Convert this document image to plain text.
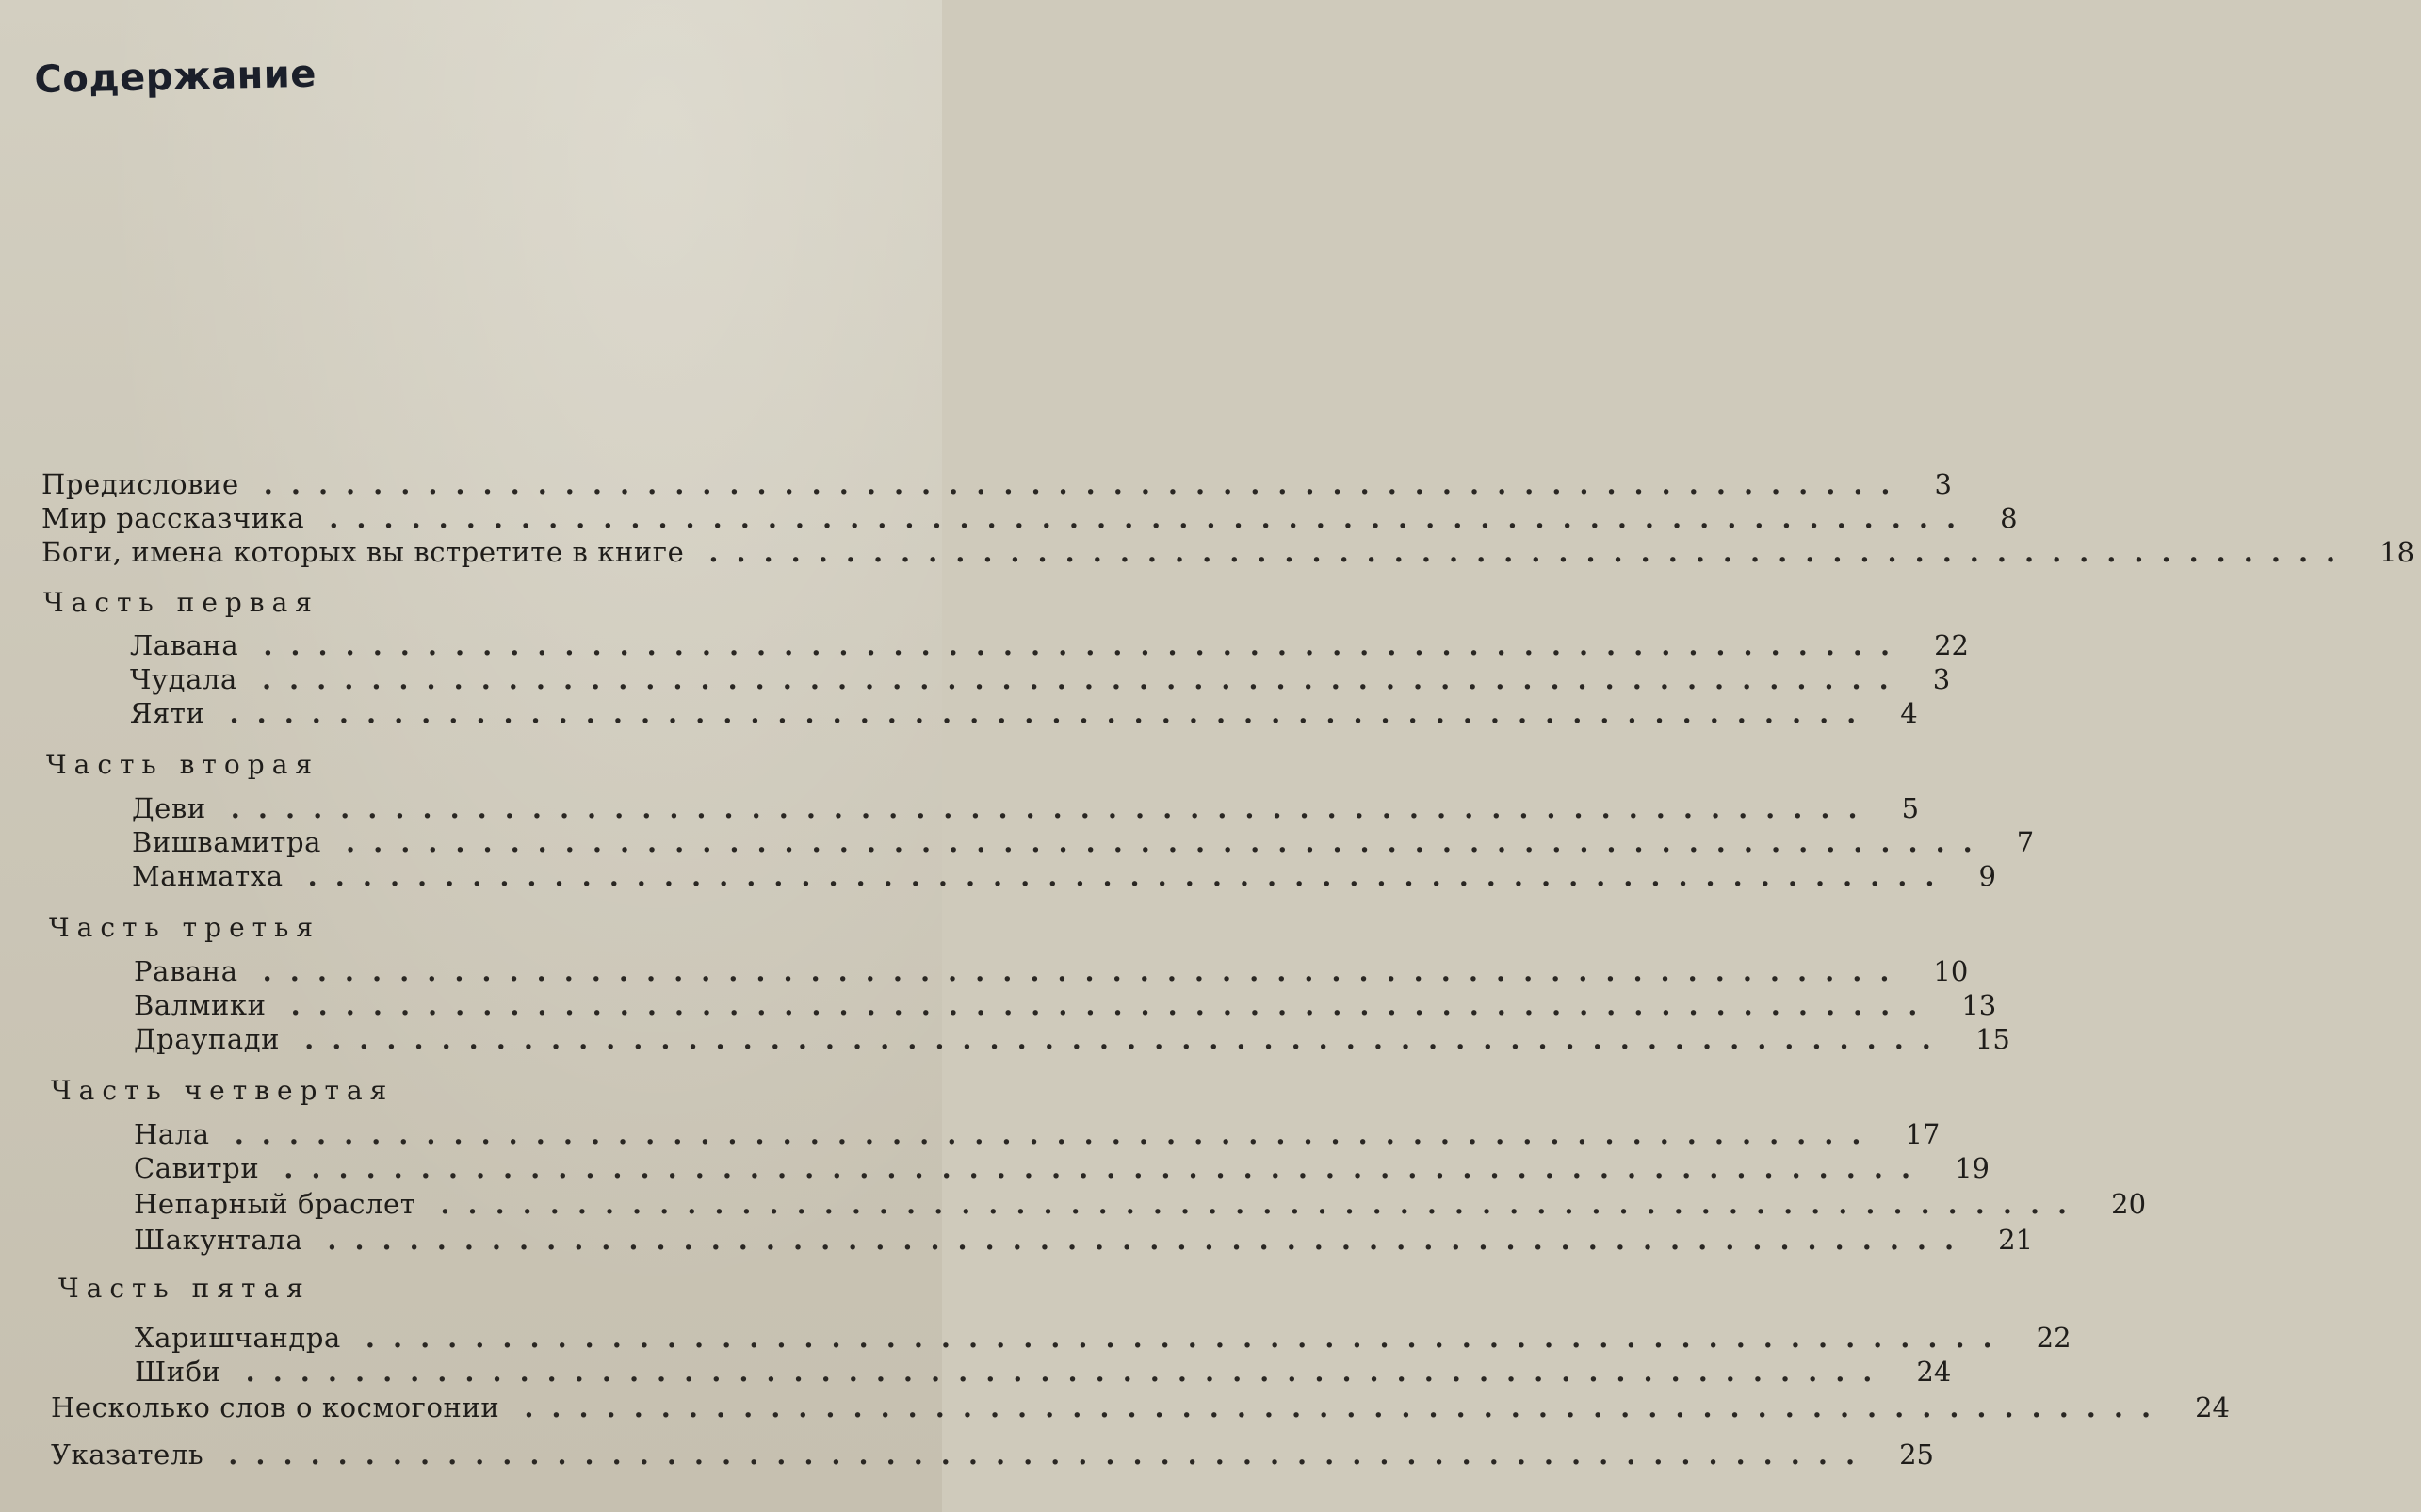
Содержание
Предисловие ............................................................ 3
Мир рассказчика ............................................................ 8
Боги, имена которых вы встретите в книге ............................................................ 18
Часть первая
Лавана ............................................................ 22
Чудала ............................................................ 3
Яяти ............................................................ 4
Часть вторая
Деви ............................................................ 5
Вишвамитра ............................................................ 7
Манматха ............................................................ 9
Часть третья
Равана ............................................................ 10
Валмики ............................................................ 13
Драупади ............................................................ 15
Часть четвертая
Нала ............................................................ 17
Савитри ............................................................ 19
Непарный браслет ............................................................ 20
Шакунтала ............................................................ 21
Часть пятая
Харишчандра ............................................................ 22
Шиби ............................................................ 24
Несколько слов о космогонии ............................................................ 24
Указатель ............................................................ 25
